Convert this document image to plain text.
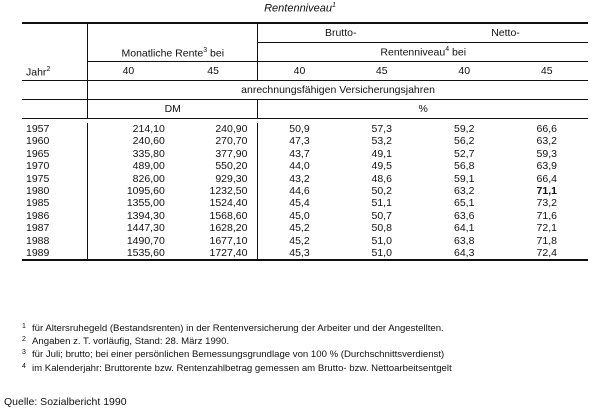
Rentenniveau$^1$
Jahr$^2$	Monatliche Rente$^3$ bei		Brutto-		Netto-	
			Rentenniveau$^4$ bei			
	40	45	40	45	40	45
	anrechnungsfähigen Versicherungsjahren					
	DM		%			

1957	214,10	240,90	50,9	57,3	59,2	66,6
1960	240,60	270,70	47,3	53,2	56,2	63,2
1965	335,80	377,90	43,7	49,1	52,7	59,3
1970	489,00	550,20	44,0	49,5	56,8	63,9
1975	826,00	929,30	43,2	48,6	59,1	66,4
1980	1095,60	1232,50	44,6	50,2	63,2	71,1
1985	1355,00	1524,40	45,4	51,1	65,1	73,2
1986	1394,30	1568,60	45,0	50,7	63,6	71,6
1987	1447,30	1628,20	45,2	50,8	64,1	72,1
1988	1490,70	1677,10	45,2	51,0	63,8	71,8
1989	1535,60	1727,40	45,3	51,0	64,3	72,4
1 für Altersruhegeld (Bestandsrenten) in der Rentenversicherung der Arbeiter und der Angestellten.
2 Angaben z. T. vorläufig, Stand: 28. März 1990.
3 für Juli; brutto; bei einer persönlichen Bemessungsgrundlage von 100 % (Durchschnittsverdienst)
4 im Kalenderjahr: Bruttorente bzw. Rentenzahlbetrag gemessen am Brutto- bzw. Nettoarbeitsentgelt
Quelle: Sozialbericht 1990
